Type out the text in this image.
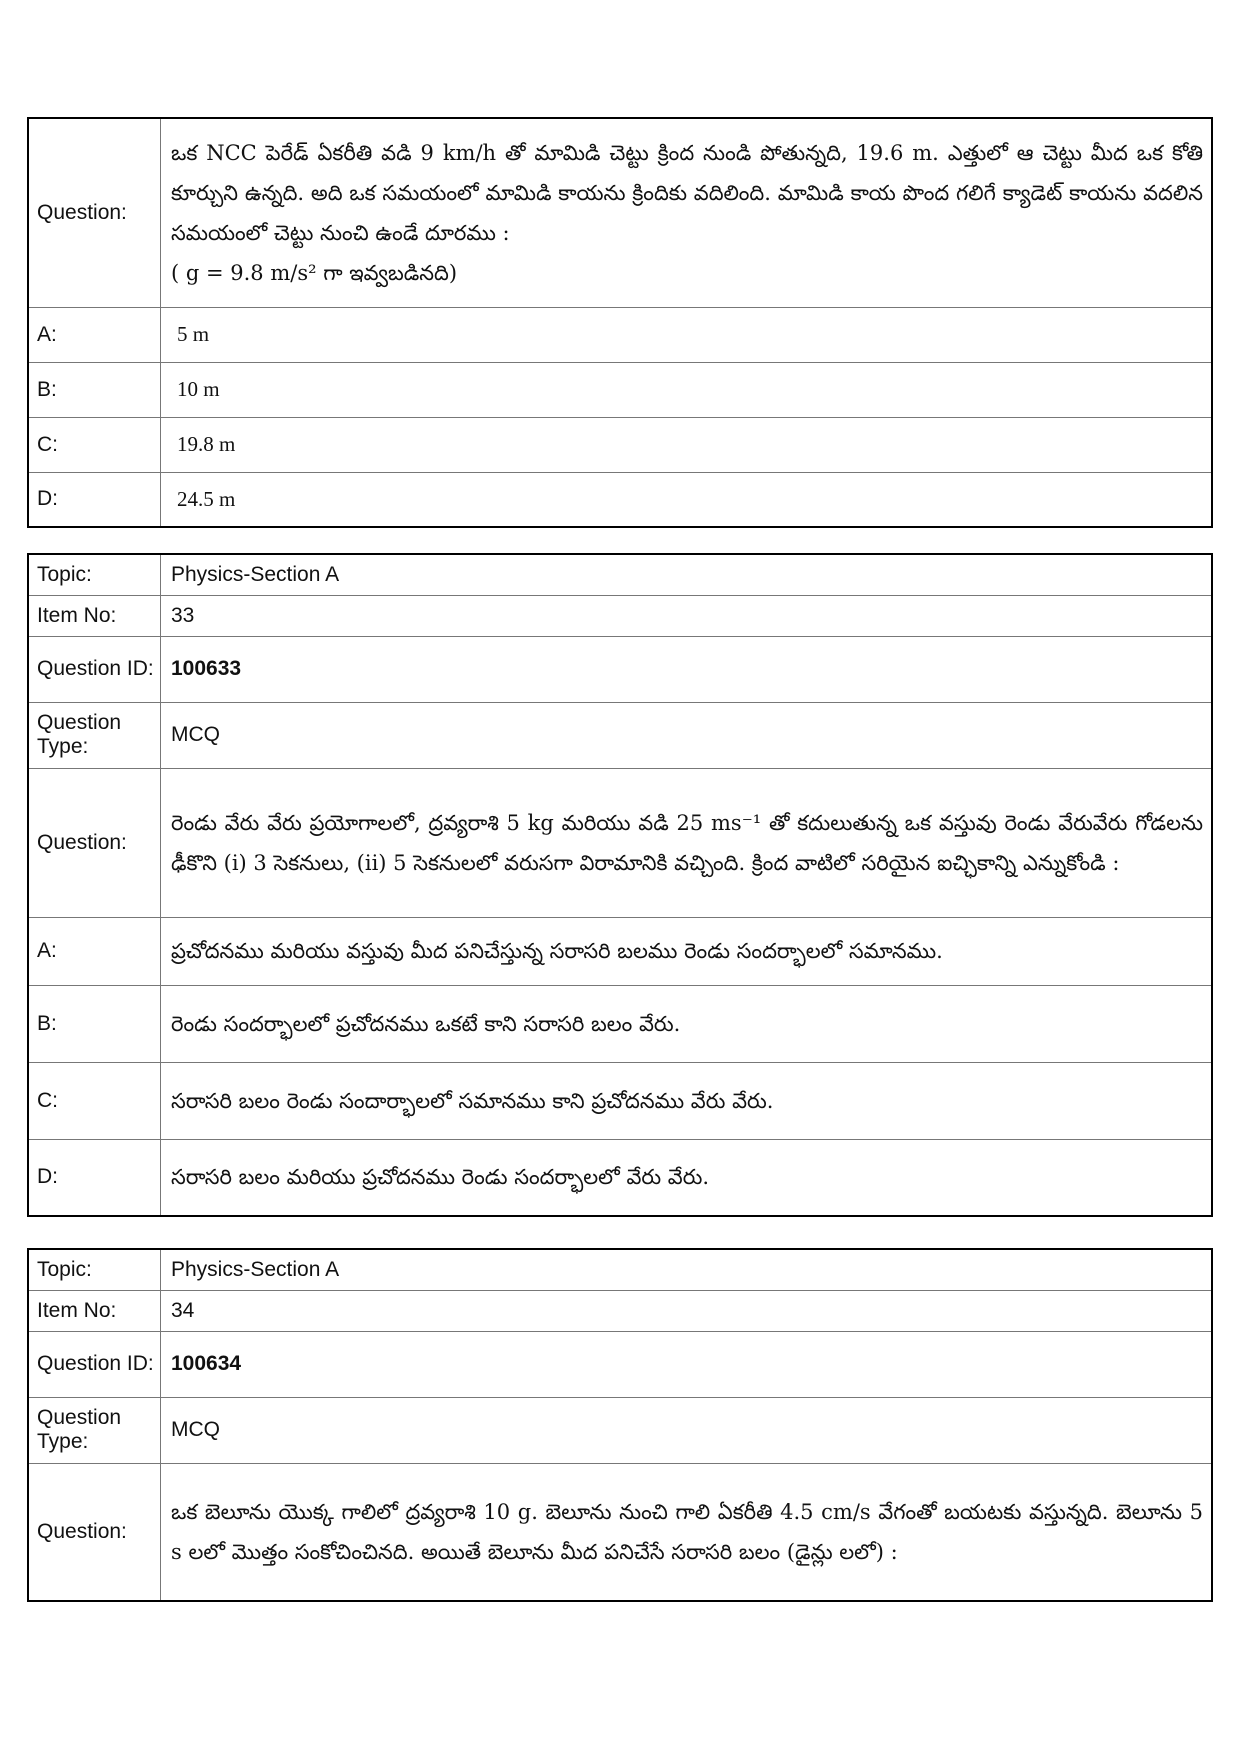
Question:	ఒక NCC పెరేడ్ ఏకరీతి వడి 9 km/h తో మామిడి చెట్టు క్రింద నుండి పోతున్నది, 19.6 m. ఎత్తులో ఆ చెట్టు మీద ఒక కోతి కూర్చుని ఉన్నది. అది ఒక సమయంలో మామిడి కాయను క్రిందికు వదిలింది. మామిడి కాయ పొంద గలిగే క్యాడెట్ కాయను వదలిన సమయంలో చెట్టు నుంచి ఉండే దూరము :
( g = 9.8 m/s² గా ఇవ్వబడినది)

A:	5 m
B:	10 m
C:	19.8 m
D:	24.5 m
Topic:	Physics-Section A
Item No:	33
Question ID:	100633
Question Type:	MCQ
Question:	రెండు వేరు వేరు ప్రయోగాలలో, ద్రవ్యరాశి 5 kg మరియు వడి 25 ms⁻¹ తో కదులుతున్న ఒక వస్తువు రెండు వేరువేరు గోడలను ఢీకొని (i) 3 సెకనులు, (ii) 5 సెకనులలో వరుసగా విరామానికి వచ్చింది. క్రింద వాటిలో సరియైన ఐచ్ఛికాన్ని ఎన్నుకోండి :
A:	ప్రచోదనము మరియు వస్తువు మీద పనిచేస్తున్న సరాసరి బలము రెండు సందర్భాలలో సమానము.
B:	రెండు సందర్భాలలో ప్రచోదనము ఒకటే కాని సరాసరి బలం వేరు.
C:	సరాసరి బలం రెండు సందార్భాలలో సమానము కాని ప్రచోదనము వేరు వేరు.
D:	సరాసరి బలం మరియు ప్రచోదనము రెండు సందర్భాలలో వేరు వేరు.
Topic:	Physics-Section A
Item No:	34
Question ID:	100634
Question Type:	MCQ
Question:	ఒక బెలూను యొక్క గాలిలో ద్రవ్యరాశి 10 g. బెలూను నుంచి గాలి ఏకరీతి 4.5 cm/s వేగంతో బయటకు వస్తున్నది. బెలూను 5 s లలో మొత్తం సంకోచించినది. అయితే బెలూను మీద పనిచేసే సరాసరి బలం (డైన్లు లలో) :
